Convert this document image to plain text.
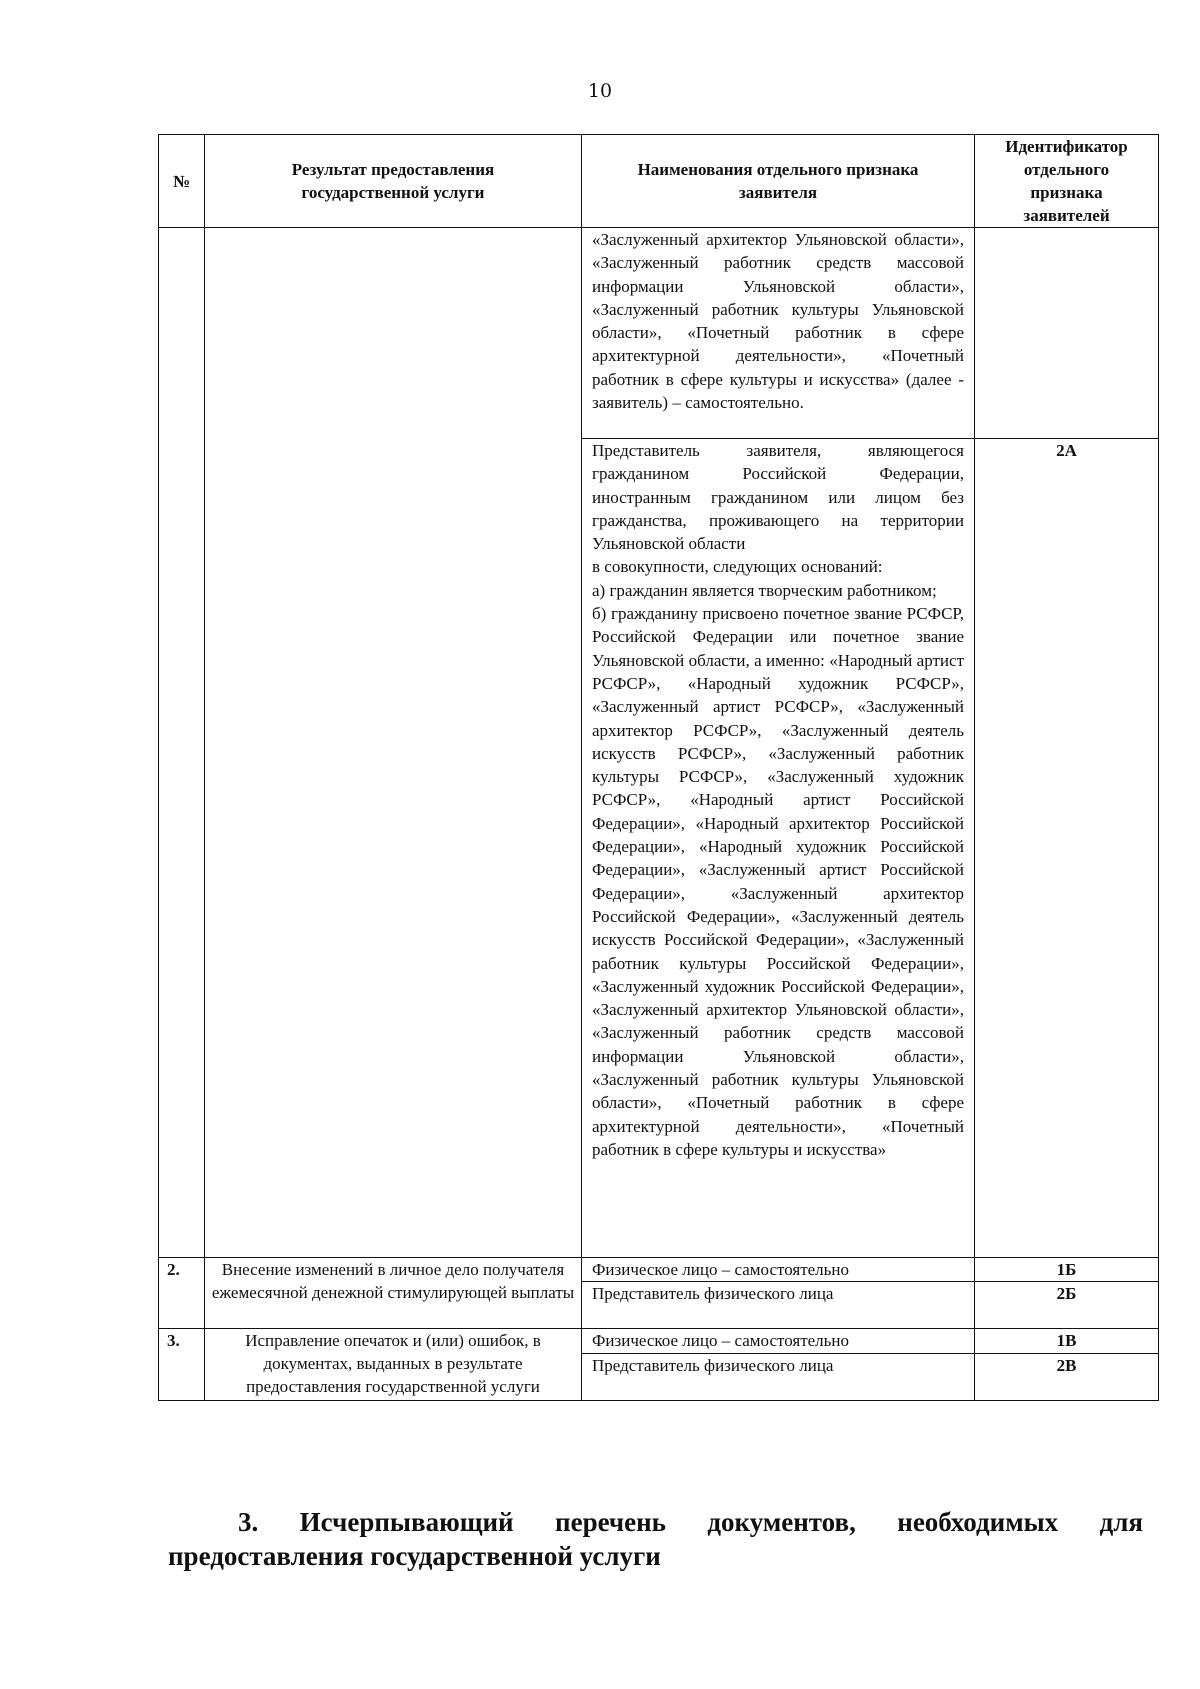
10
№	Результат предоставления государственной услуги	Наименования отдельного признака заявителя	Идентификатор отдельного признака заявителей

		«Заслуженный архитектор Ульяновской области», «Заслуженный работник средств массовой информации Ульяновской области», «Заслуженный работник культуры Ульяновской области», «Почетный работник в сфере архитектурной деятельности», «Почетный работник в сфере культуры и искусства» (далее - заявитель) – самостоятельно.	

		Представитель заявителя, являющегося гражданином Российской Федерации, иностранным гражданином или лицом без гражданства, проживающего на территории Ульяновской области
в совокупности, следующих оснований:
а) гражданин является творческим работником;
б) гражданину присвоено почетное звание РСФСР, Российской Федерации или почетное звание Ульяновской области, а именно: «Народный артист РСФСР», «Народный художник РСФСР», «Заслуженный артист РСФСР», «Заслуженный архитектор РСФСР», «Заслуженный деятель искусств РСФСР», «Заслуженный работник культуры РСФСР», «Заслуженный художник РСФСР», «Народный артист Российской Федерации», «Народный архитектор Российской Федерации», «Народный художник Российской Федерации», «Заслуженный артист Российской Федерации», «Заслуженный архитектор Российской Федерации», «Заслуженный деятель искусств Российской Федерации», «Заслуженный работник культуры Российской Федерации», «Заслуженный художник Российской Федерации», «Заслуженный архитектор Ульяновской области», «Заслуженный работник средств массовой информации Ульяновской области», «Заслуженный работник культуры Ульяновской области», «Почетный работник в сфере архитектурной деятельности», «Почетный работник в сфере культуры и искусства»	2А

2.	Внесение изменений в личное дело получателя ежемесячной денежной стимулирующей выплаты	Физическое лицо – самостоятельно	1Б

		Представитель физического лица	2Б

3.	Исправление опечаток и (или) ошибок, в документах, выданных в результате предоставления государственной услуги	Физическое лицо – самостоятельно	1В

		Представитель физического лица	2В
3. Исчерпывающий перечень документов, необходимых для
предоставления государственной услуги
